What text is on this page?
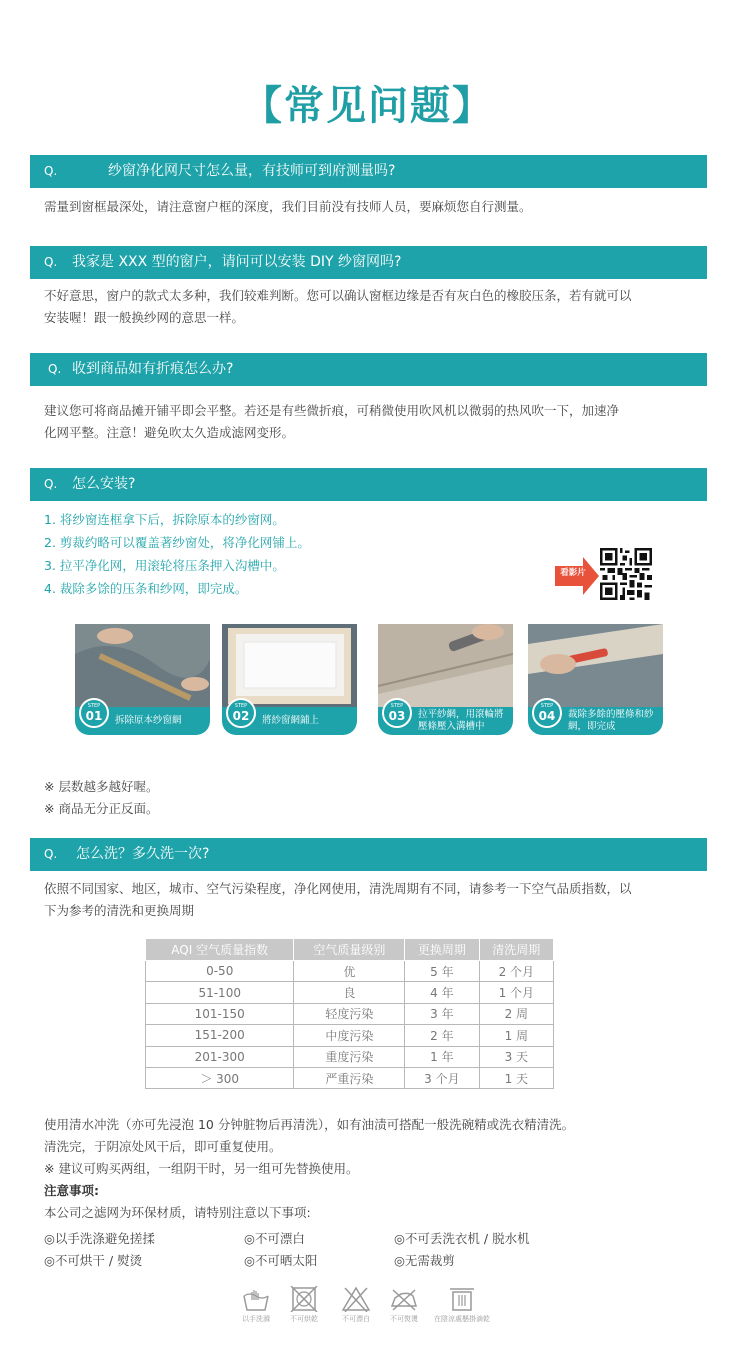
【常见问题】
Q.	纱窗净化网尺寸怎么量，有技师可到府测量吗?
需量到窗框最深处，请注意窗户框的深度，我们目前没有技师人员，要麻烦您自行测量。
Q. 我家是 XXX 型的窗户，请问可以安装 DIY 纱窗网吗?
不好意思，窗户的款式太多种，我们较难判断。您可以确认窗框边缘是否有灰白色的橡胶压条，若有就可以
安装喔！跟一般换纱网的意思一样。
Q. 收到商品如有折痕怎么办?
建议您可将商品摊开铺平即会平整。若还是有些微折痕，可稍微使用吹风机以微弱的热风吹一下，加速净
化网平整。注意！避免吹太久造成滤网变形。
Q. 怎么安装?
1. 将纱窗连框拿下后，拆除原本的纱窗网。
2. 剪裁约略可以覆盖著纱窗处，将净化网铺上。
3. 拉平净化网，用滚轮将压条押入沟槽中。
4. 裁除多馀的压条和纱网，即完成。
看影片
拆除原本纱窗網	將紗窗網鋪上
拉平紗網，用滾輪將壓條壓入溝槽中
裁除多餘的壓條和紗網，即完成
STEP
01
STEP
02
STEP
03
STEP
04
※ 层数越多越好喔。
※ 商品无分正反面。
Q. 怎么洗？多久洗一次?
依照不同国家、地区，城市、空气污染程度，净化网使用，清洗周期有不同，请参考一下空气品质指数，以
下为参考的清洗和更换周期
AQI 空气质量指数	空气质量级别	更换周期	清洗周期
0-50	优	5 年	2 个月
51-100	良	4 年	1 个月
101-150	轻度污染	3 年	2 周
151-200	中度污染	2 年	1 周
201-300	重度污染	1 年	3 天
＞ 300	严重污染	3 个月	1 天
使用清水冲洗（亦可先浸泡 10 分钟脏物后再清洗），如有油渍可搭配一般洗碗精或洗衣精清洗。
清洗完，于阴凉处风干后，即可重复使用。
※ 建议可购买两组，一组阴干时，另一组可先替换使用。
注意事项:
本公司之滤网为环保材质，请特别注意以下事项:
◎以手洗涤避免搓揉	◎不可漂白	◎不可丢洗衣机 / 脱水机
◎不可烘干 / 熨烫	◎不可晒太阳	◎无需裁剪
以手洗滌	不可烘乾	不可漂白	不可熨燙	在陰涼處懸掛滴乾
